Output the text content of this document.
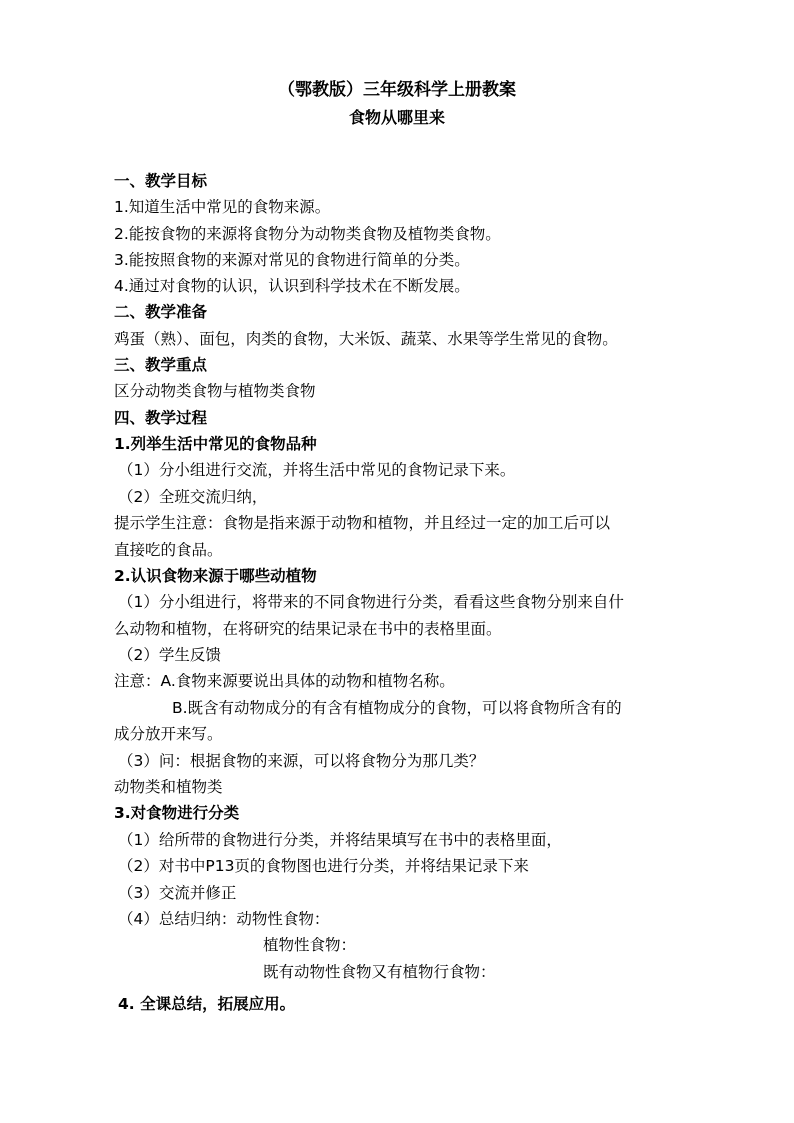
（鄂教版）三年级科学上册教案
食物从哪里来
一、教学目标
1.知道生活中常见的食物来源。
2.能按食物的来源将食物分为动物类食物及植物类食物。
3.能按照食物的来源对常见的食物进行简单的分类。
4.通过对食物的认识，认识到科学技术在不断发展。
二、教学准备
鸡蛋（熟）、面包，肉类的食物，大米饭、蔬菜、水果等学生常见的食物。
三、教学重点
区分动物类食物与植物类食物
四、教学过程
1.列举生活中常见的食物品种
（1）分小组进行交流，并将生活中常见的食物记录下来。
（2）全班交流归纳，
提示学生注意：食物是指来源于动物和植物，并且经过一定的加工后可以
直接吃的食品。
2.认识食物来源于哪些动植物
（1）分小组进行，将带来的不同食物进行分类，看看这些食物分别来自什
么动物和植物，在将研究的结果记录在书中的表格里面。
（2）学生反馈
注意：A.食物来源要说出具体的动物和植物名称。
B.既含有动物成分的有含有植物成分的食物，可以将食物所含有的
成分放开来写。
（3）问：根据食物的来源，可以将食物分为那几类？
动物类和植物类
3.对食物进行分类
（1）给所带的食物进行分类，并将结果填写在书中的表格里面，
（2）对书中P13页的食物图也进行分类，并将结果记录下来
（3）交流并修正
（4）总结归纳：动物性食物：
植物性食物：
既有动物性食物又有植物行食物：
4. 全课总结，拓展应用。
